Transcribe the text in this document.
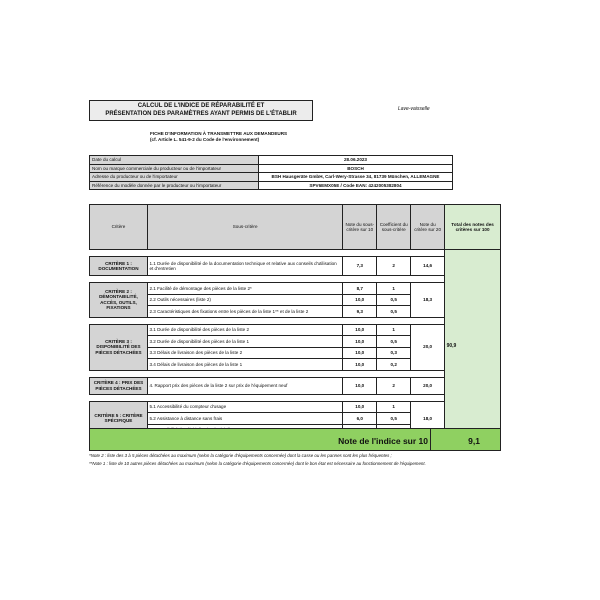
CALCUL DE L'INDICE DE RÉPARABILITÉ ET
PRÉSENTATION DES PARAMÈTRES AYANT PERMIS DE L'ÉTABLIR
Lave-vaisselle
FICHE D'INFORMATION À TRANSMETTRE AUX DEMANDEURS
(cf. Article L. 541-9-2 du Code de l'environnement)
Date du calcul	28.06.2023
Nom ou marque commerciale du producteur ou de l'importateur	BOSCH
Adresse du producteur ou de l'importateur	BSH Hausgeräte GmbH, Carl-Wery-Strasse 34, 81739 München, ALLEMAGNE
Référence du modèle donnée par le producteur ou l'importateur	SPV6EMX05E / Code EAN: 4242005382804
Critère	Sous-critère	Note du sous-critère sur 10	Coefficient du sous-critère	Note du critère sur 20	Total des notes des critères sur 100
					90,9
CRITÈRE 1 : DOCUMENTATION	1.1 Durée de disponibilité de la documentation technique et relative aux conseils d'utilisation et d'entretien	7,3	2	14,6	

CRITÈRE 2 : DÉMONTABILITÉ, ACCÈS, OUTILS, FIXATIONS	2.1 Facilité de démontage des pièces de la liste 2*	8,7	1	18,3	
	2.2 Outils nécessaires (liste 2)	10,0	0,5		
	2.3 Caractéristiques des fixations entre les pièces de la liste 1** et de la liste 2	9,3	0,5		

CRITÈRE 3 : DISPONIBILITÉ DES PIÈCES DÉTACHÉES	3.1 Durée de disponibilité des pièces de la liste 2	10,0	1	20,0	
	3.2 Durée de disponibilité des pièces de la liste 1	10,0	0,5		
	3.3 Délais de livraison des pièces de la liste 2	10,0	0,3		
	3.4 Délais de livraison des pièces de la liste 1	10,0	0,2		

CRITÈRE 4 : PRIX DES PIÈCES DÉTACHÉES	4. Rapport prix des pièces de la liste 2 sur prix de l'équipement neuf	10,0	2	20,0	

CRITÈRE 5 : CRITÈRE SPÉCIFIQUE	5.1 Accessibilité du compteur d'usage	10,0	1	18,0	
	5.2 Assistance à distance sans frais	6,0	0,5		

Note de l'indice sur 10	9,1
*Note 2 : liste des 3 à 5 pièces détachées au maximum (selon la catégorie d'équipements concernée) dont la casse ou les pannes sont les plus fréquentes ;
**Note 1 : liste de 10 autres pièces détachées au maximum (selon la catégorie d'équipements concernée) dont le bon état est nécessaire au fonctionnement de l'équipement.
